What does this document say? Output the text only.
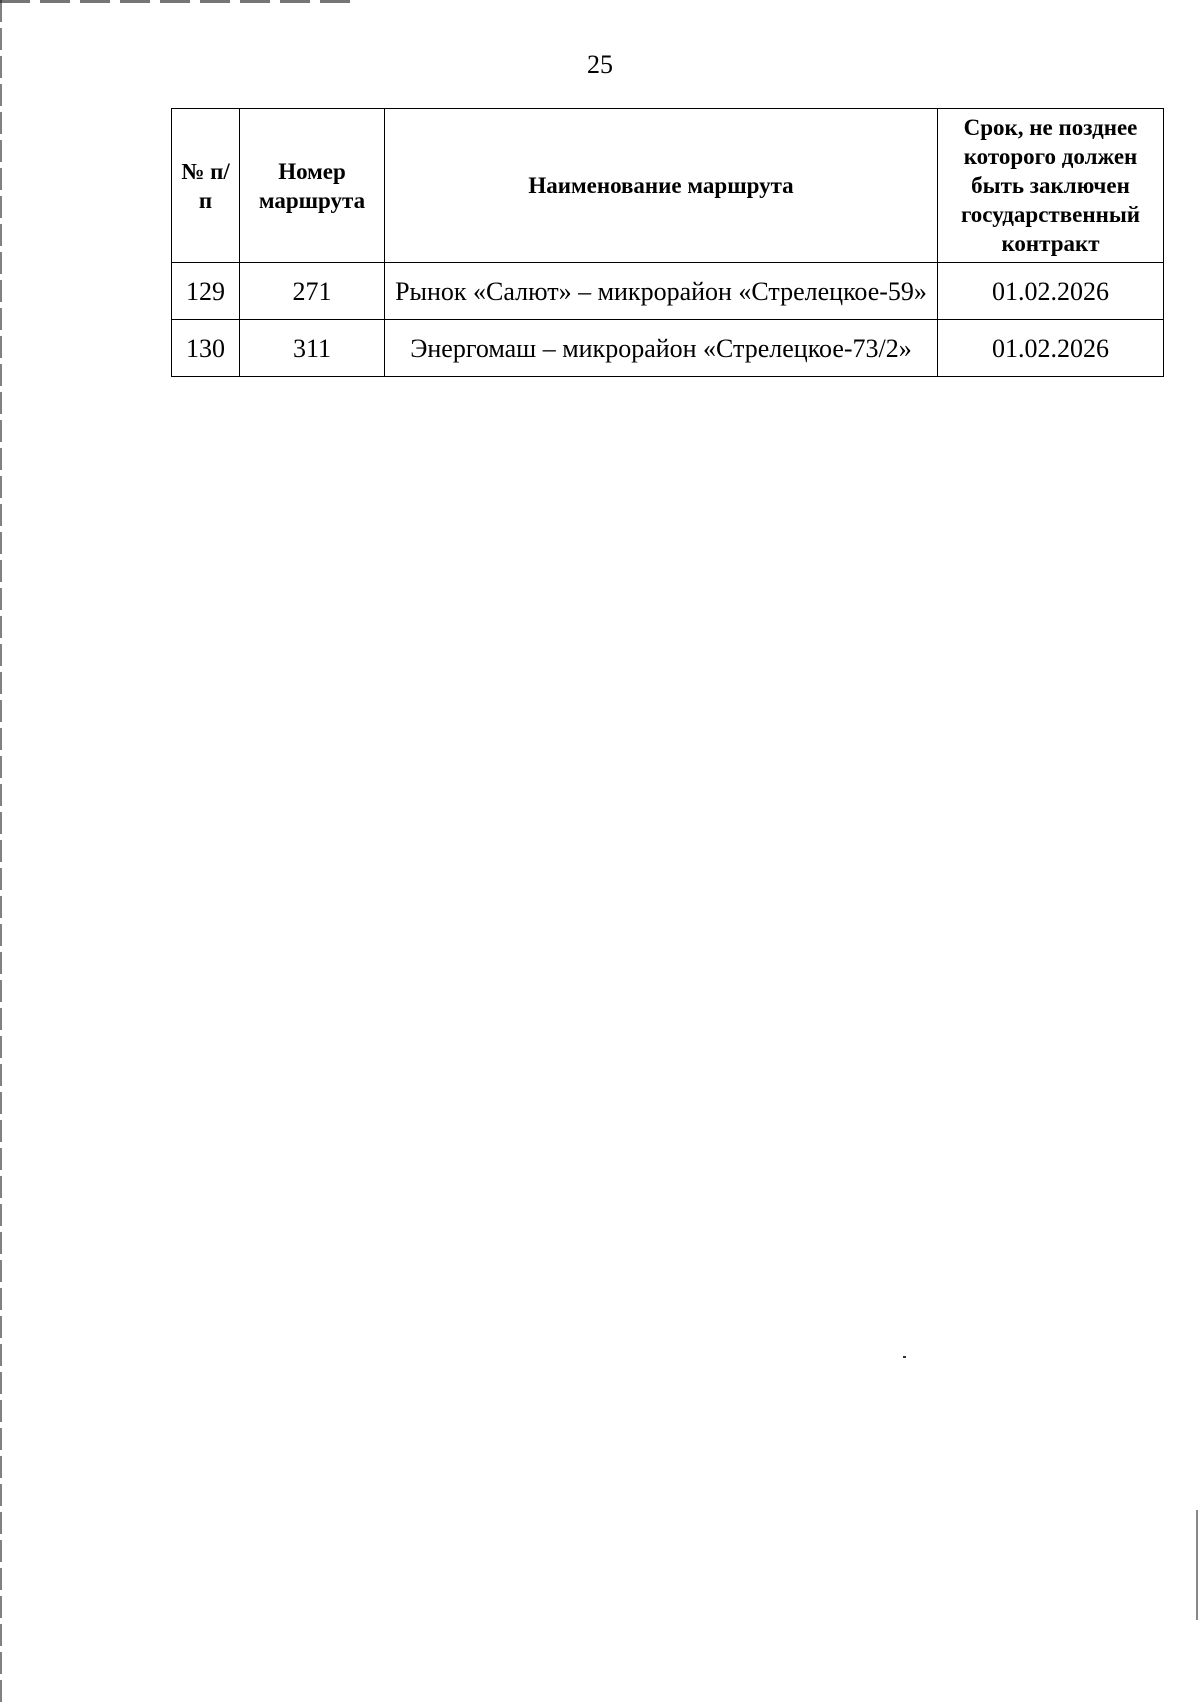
25
№ п/п	Номер маршрута	Наименование маршрута	Срок, не позднее которого должен быть заключен государственный контракт
129	271	Рынок «Салют» – микрорайон «Стрелецкое-59»	01.02.2026
130	311	Энергомаш – микрорайон «Стрелецкое-73/2»	01.02.2026
